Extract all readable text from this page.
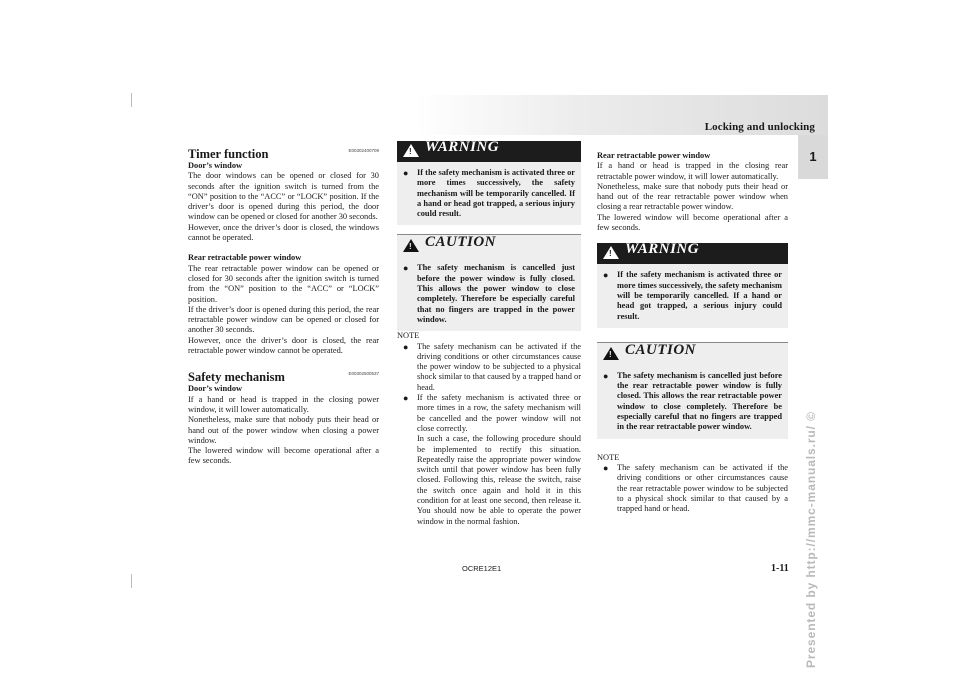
Locking and unlocking
1
Presented by http://mmc-manuals.ru/ ©
Timer function	E00302400709

Door’s window

The door windows can be opened or closed for 30 seconds after the ignition switch is turned from the “ON” position to the “ACC” or “LOCK” position. If the driver’s door is opened during this period, the door window can be opened or closed for another 30 seconds.

However, once the driver’s door is closed, the windows cannot be operated.

Rear retractable power window

The rear retractable power window can be opened or closed for 30 seconds after the ignition switch is turned from the “ON” position to the “ACC” or “LOCK” position.

If the driver’s door is opened during this period, the rear retractable power window can be opened or closed for another 30 seconds.

However, once the driver’s door is closed, the rear retractable power window cannot be operated.

Safety mechanism	E00302500537

Door’s window

If a hand or head is trapped in the closing power window, it will lower automatically.

Nonetheless, make sure that nobody puts their head or hand out of the power window when closing a power window.

The lowered window will become operational after a few seconds.

!
WARNING
●	If the safety mechanism is activated three or more times successively, the safety mechanism will be temporarily cancelled. If a hand or head got trapped, a serious injury could result.
!
CAUTION
●	The safety mechanism is cancelled just before the power window is fully closed. This allows the power window to close completely. Therefore be especially careful that no fingers are trapped in the power window.

NOTE

●	The safety mechanism can be activated if the driving conditions or other circumstances cause the power window to be subjected to a physical shock similar to that caused by a trapped hand or head.
●	If the safety mechanism is activated three or more times in a row, the safety mechanism will be cancelled and the power window will not close correctly.
In such a case, the following procedure should be implemented to rectify this situation. Repeatedly raise the appropriate power window switch until that power window has been fully closed. Following this, release the switch, raise the switch once again and hold it in this condition for at least one second, then release it. You should now be able to operate the power window in the normal fashion.

Rear retractable power window

If a hand or head is trapped in the closing rear retractable power window, it will lower automatically.

Nonetheless, make sure that nobody puts their head or hand out of the rear retractable power window when closing a rear retractable power window.

The lowered window will become operational after a few seconds.

!
WARNING
●	If the safety mechanism is activated three or more times successively, the safety mechanism will be temporarily cancelled. If a hand or head got trapped, a serious injury could result.
!
CAUTION
●	The safety mechanism is cancelled just before the rear retractable power window is fully closed. This allows the rear retractable power window to close completely. Therefore be especially careful that no fingers are trapped in the rear retractable power window.

NOTE

●	The safety mechanism can be activated if the driving conditions or other circumstances cause the rear retractable power window to be subjected to a physical shock similar to that caused by a trapped hand or head.
OCRE12E1	1-11
